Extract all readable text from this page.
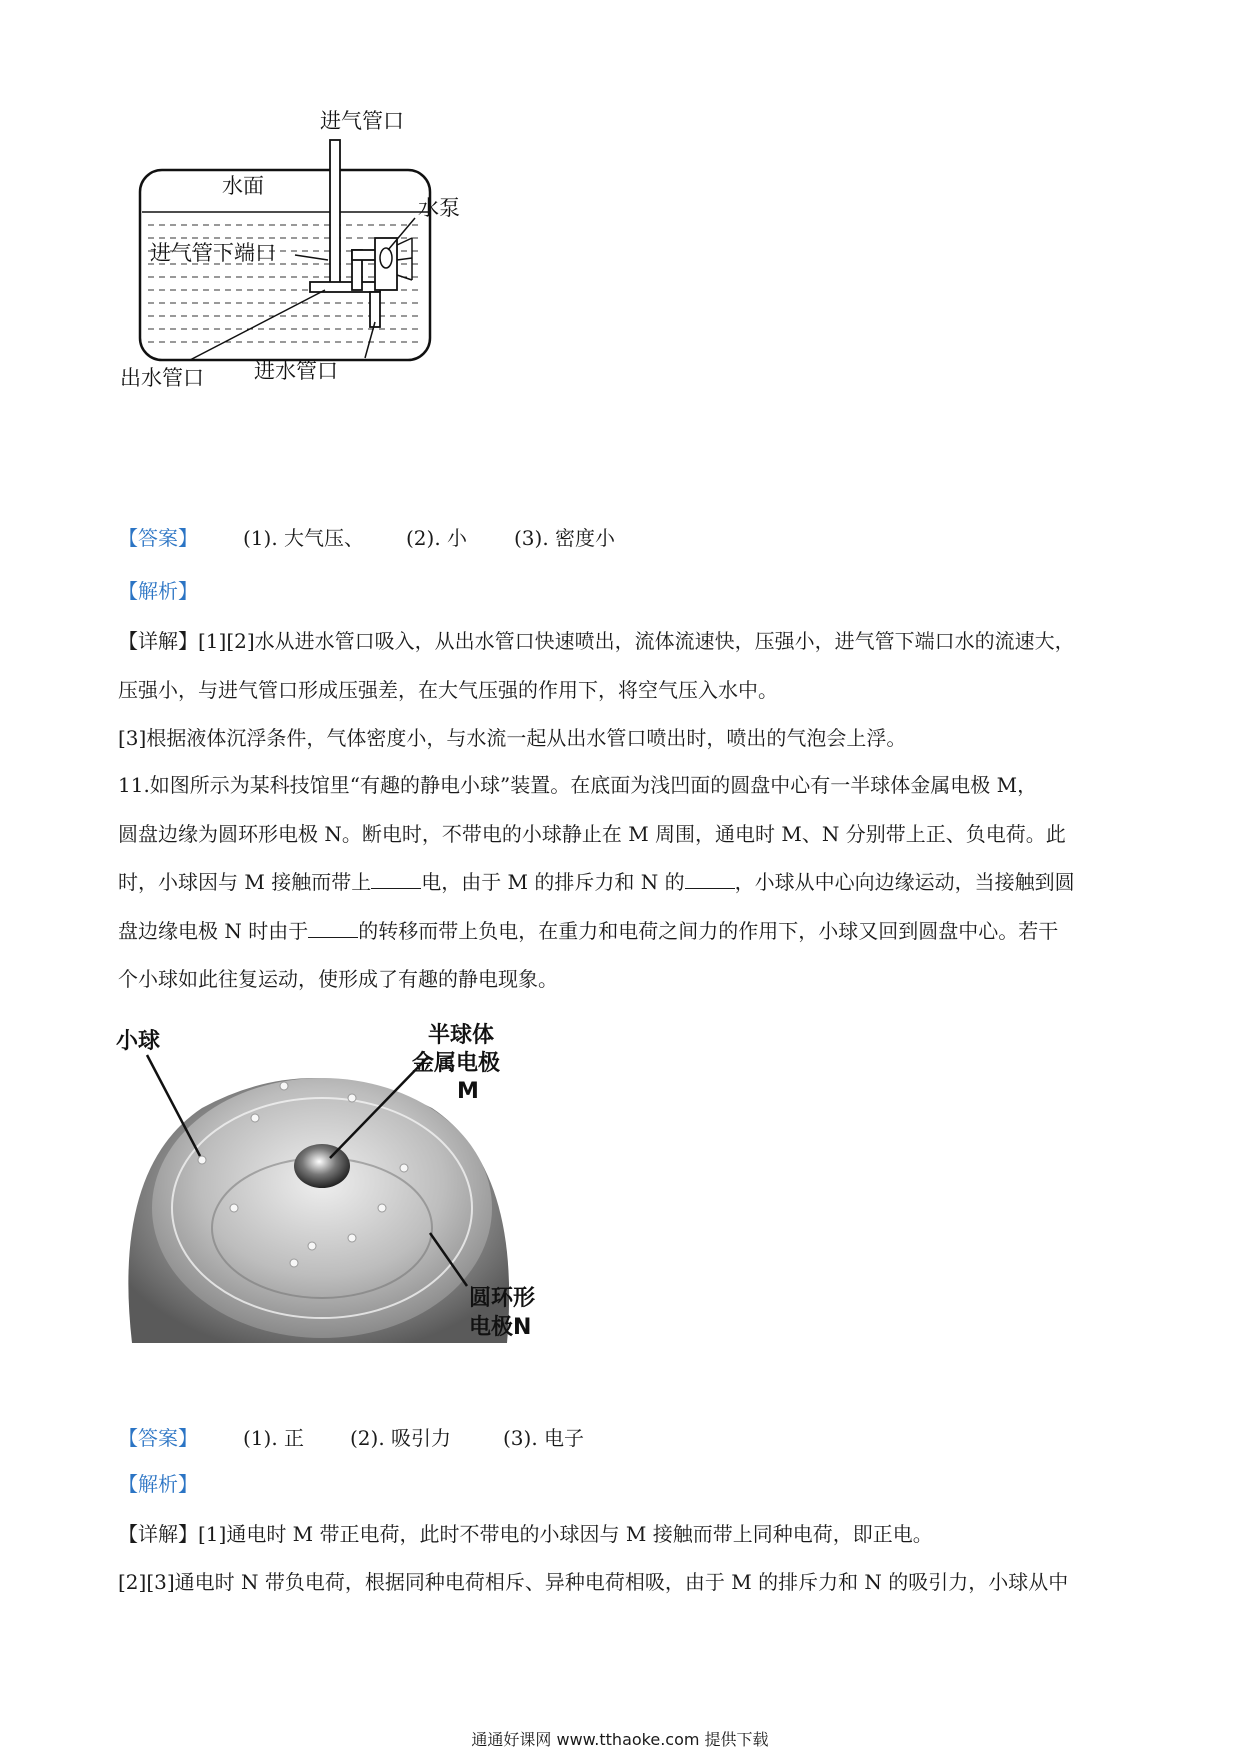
进气管口
水面
水泵
进气管下端口
出水管口 进水管口
【答案】 (1). 大气压、 (2). 小 (3). 密度小
【解析】
【详解】[1][2]水从进水管口吸入，从出水管口快速喷出，流体流速快，压强小，进气管下端口水的流速大，
压强小，与进气管口形成压强差，在大气压强的作用下，将空气压入水中。
[3]根据液体沉浮条件，气体密度小，与水流一起从出水管口喷出时，喷出的气泡会上浮。
11.如图所示为某科技馆里“有趣的静电小球”装置。在底面为浅凹面的圆盘中心有一半球体金属电极 M，
圆盘边缘为圆环形电极 N。断电时，不带电的小球静止在 M 周围，通电时 M、N 分别带上正、负电荷。此
时，小球因与 M 接触而带上	电，由于 M 的排斥力和 N 的	，小球从中心向边缘运动，当接触到圆
盘边缘电极 N 时由于	的转移而带上负电，在重力和电荷之间力的作用下，小球又回到圆盘中心。若干
个小球如此往复运动，使形成了有趣的静电现象。
小球	半球体
金属电极
M
圆环形
电极N
【答案】 (1). 正 (2). 吸引力	(3). 电子
【解析】
【详解】[1]通电时 M 带正电荷，此时不带电的小球因与 M 接触而带上同种电荷，即正电。
[2][3]通电时 N 带负电荷，根据同种电荷相斥、异种电荷相吸，由于 M 的排斥力和 N 的吸引力，小球从中
通通好课网 www.tthaoke.com 提供下载
